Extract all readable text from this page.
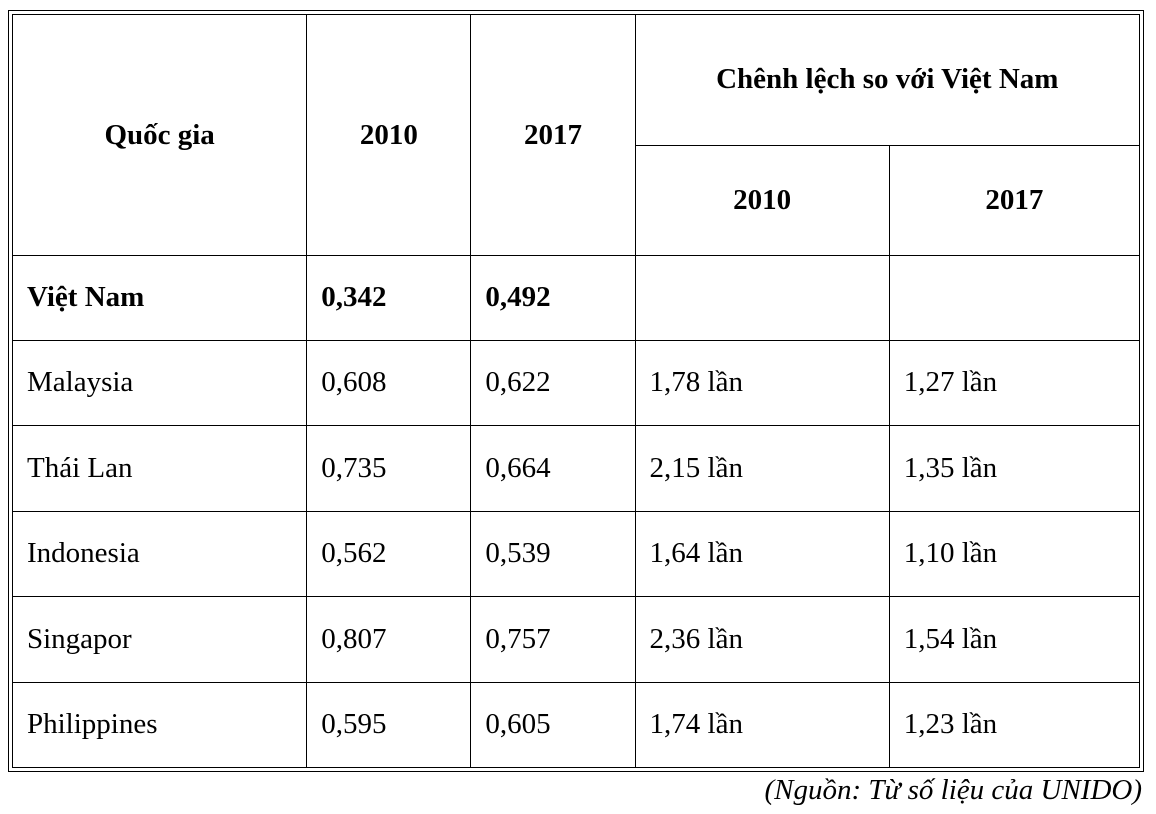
Quốc gia	2010	2017	Chênh lệch so với Việt Nam	
			2010	2017
Việt Nam	0,342	0,492		
Malaysia	0,608	0,622	1,78 lần	1,27 lần
Thái Lan	0,735	0,664	2,15 lần	1,35 lần
Indonesia	0,562	0,539	1,64 lần	1,10 lần
Singapor	0,807	0,757	2,36 lần	1,54 lần
Philippines	0,595	0,605	1,74 lần	1,23 lần
(Nguồn: Từ số liệu của UNIDO)
